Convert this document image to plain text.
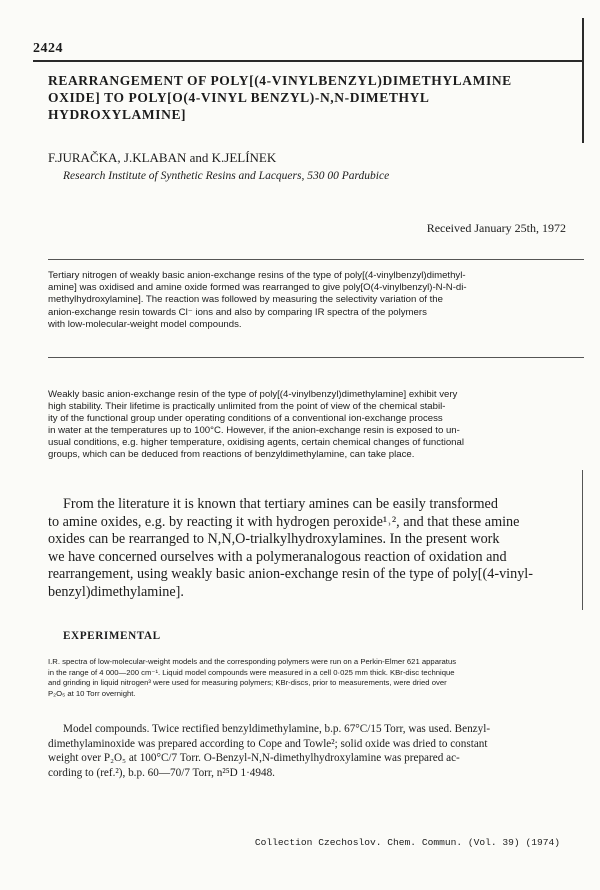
2424
REARRANGEMENT OF POLY[(4-VINYLBENZYL)DIMETHYLAMINE
OXIDE] TO POLY[O(4-VINYL BENZYL)-N,N-DIMETHYL
HYDROXYLAMINE]
F.JURAČKA, J.KLABAN and K.JELÍNEK
Research Institute of Synthetic Resins and Lacquers, 530 00 Pardubice
Received January 25th, 1972
Tertiary nitrogen of weakly basic anion-exchange resins of the type of poly[(4-vinylbenzyl)dimethyl-
amine] was oxidised and amine oxide formed was rearranged to give poly[O(4-vinylbenzyl)-N-N-di-
methylhydroxylamine]. The reaction was followed by measuring the selectivity variation of the
anion-exchange resin towards Cl⁻ ions and also by comparing IR spectra of the polymers
with low-molecular-weight model compounds.
Weakly basic anion-exchange resin of the type of poly[(4-vinylbenzyl)dimethylamine] exhibit very
high stability. Their lifetime is practically unlimited from the point of view of the chemical stabil-
ity of the functional group under operating conditions of a conventional ion-exchange process
in water at the temperatures up to 100°C. However, if the anion-exchange resin is exposed to un-
usual conditions, e.g. higher temperature, oxidising agents, certain chemical changes of functional
groups, which can be deduced from reactions of benzyldimethylamine, can take place.
From the literature it is known that tertiary amines can be easily transformed
to amine oxides, e.g. by reacting it with hydrogen peroxide¹˒², and that these amine
oxides can be rearranged to N,N,O-trialkylhydroxylamines. In the present work
we have concerned ourselves with a polymeranalogous reaction of oxidation and
rearrangement, using weakly basic anion-exchange resin of the type of poly[(4-vinyl-
benzyl)dimethylamine].
EXPERIMENTAL
I.R. spectra of low-molecular-weight models and the corresponding polymers were run on a Perkin-Elmer 621 apparatus
in the range of 4 000—200 cm⁻¹. Liquid model compounds were measured in a cell 0·025 mm thick. KBr-disc technique
and grinding in liquid nitrogen³ were used for measuring polymers; KBr-discs, prior to measurements, were dried over
P₂O₅ at 10 Torr overnight.
Model compounds. Twice rectified benzyldimethylamine, b.p. 67°C/15 Torr, was used. Benzyl-
dimethylaminoxide was prepared according to Cope and Towle²; solid oxide was dried to constant
weight over P₂O₅ at 100°C/7 Torr. O-Benzyl-N,N-dimethylhydroxylamine was prepared ac-
cording to (ref.²), b.p. 60—70/7 Torr, n²⁵D 1·4948.
Collection Czechoslov. Chem. Commun. (Vol. 39) (1974)
